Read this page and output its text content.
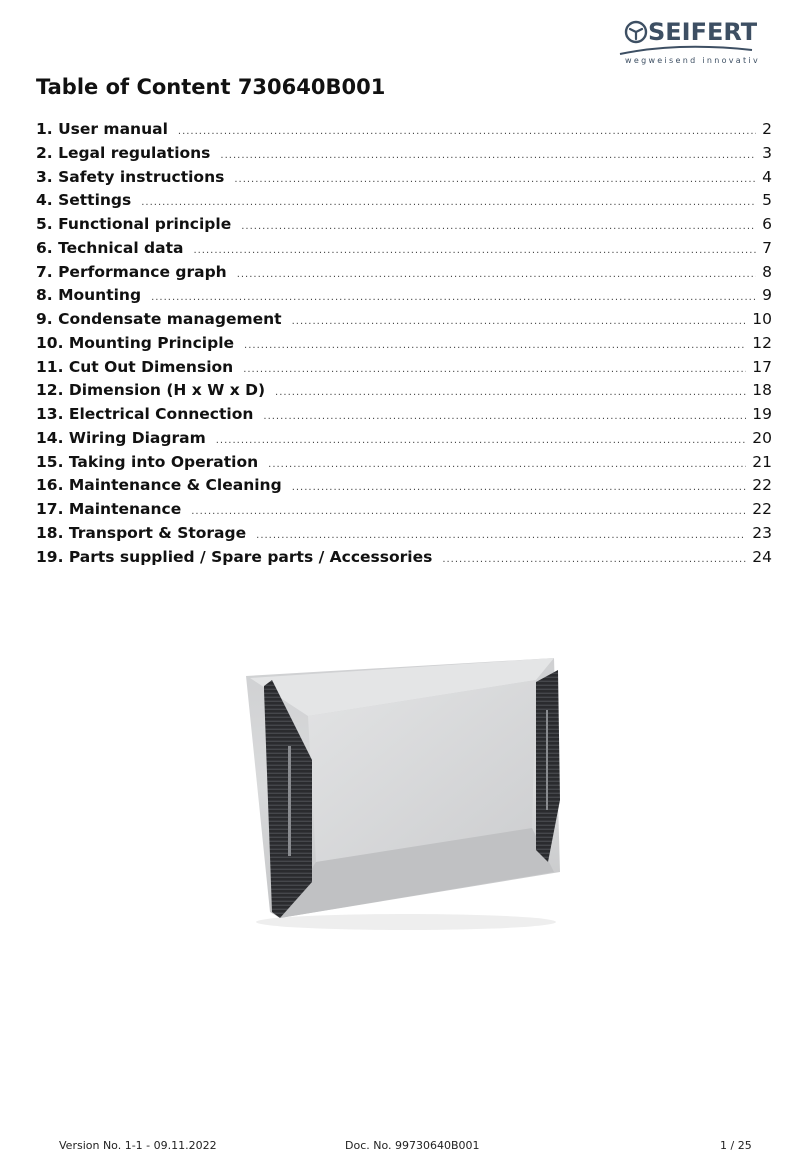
SEIFERT
wegweisend innovativ
Table of Content 730640B001
1. User manual .....	2
2. Legal regulations .....	3
3. Safety instructions .....	4
4. Settings .....	5
5. Functional principle .....	6
6. Technical data .....	7
7. Performance graph .....	8
8. Mounting .....	9
9. Condensate management .....	10
10. Mounting Principle .....	12
11. Cut Out Dimension .....	17
12. Dimension (H x W x D) .....	18
13. Electrical Connection .....	19
14. Wiring Diagram .....	20
15. Taking into Operation .....	21
16. Maintenance & Cleaning .....	22
17. Maintenance .....	22
18. Transport & Storage .....	23
19. Parts supplied / Spare parts / Accessories .....	24
Version No. 1-1 - 09.11.2022	Doc. No. 99730640B001	1 / 25
